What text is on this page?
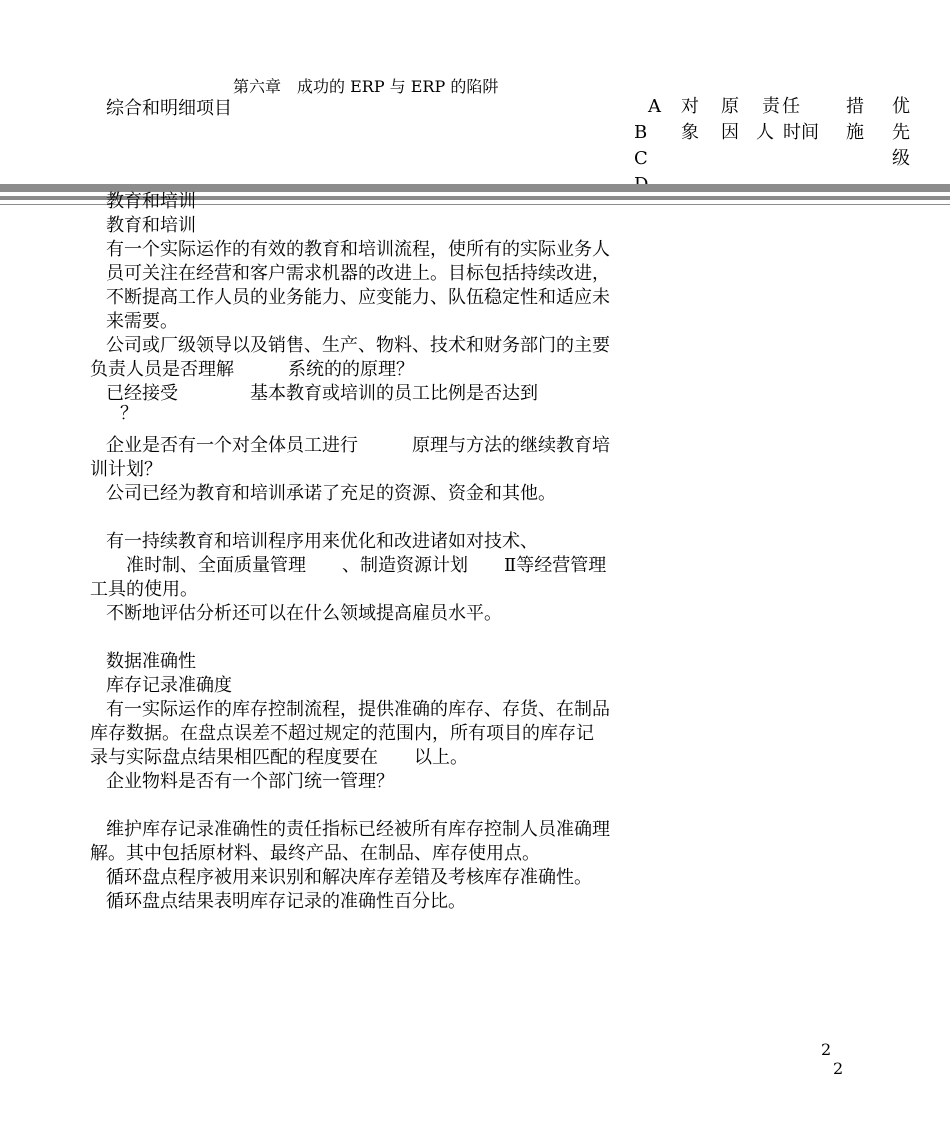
第六章　成功的 ERP 与 ERP 的陷阱
综合和明细项目	A
B
C
对
象
原
因
责
人
任
时间
措
施
优
先
级

教育和培训

教育和培训

有一个实际运作的有效的教育和培训流程，使所有的实际业务人员可关注在经营和客户需求机器的改进上。目标包括持续改进，不断提高工作人员的业务能力、应变能力、队伍稳定性和适应未来需要。

公司或厂级领导以及销售、生产、物料、技术和财务部门的主要负责人员是否理解　　　系统的的原理？

已经接受　　　　基本教育或培训的员工比例是否达到

？

企业是否有一个对全体员工进行　　　原理与方法的继续教育培训计划？

公司已经为教育和培训承诺了充足的资源、资金和其他。

有一持续教育和培训程序用来优化和改进诸如对技术、

准时制、全面质量管理　　、制造资源计划　　Ⅱ等经营管理工具的使用。

不断地评估分析还可以在什么领域提高雇员水平。

数据准确性

库存记录准确度

有一实际运作的库存控制流程，提供准确的库存、存货、在制品库存数据。在盘点误差不超过规定的范围内，所有项目的库存记录与实际盘点结果相匹配的程度要在　　以上。

企业物料是否有一个部门统一管理？

维护库存记录准确性的责任指标已经被所有库存控制人员准确理解。其中包括原材料、最终产品、在制品、库存使用点。

循环盘点程序被用来识别和解决库存差错及考核库存准确性。

循环盘点结果表明库存记录的准确性百分比。

2
2
